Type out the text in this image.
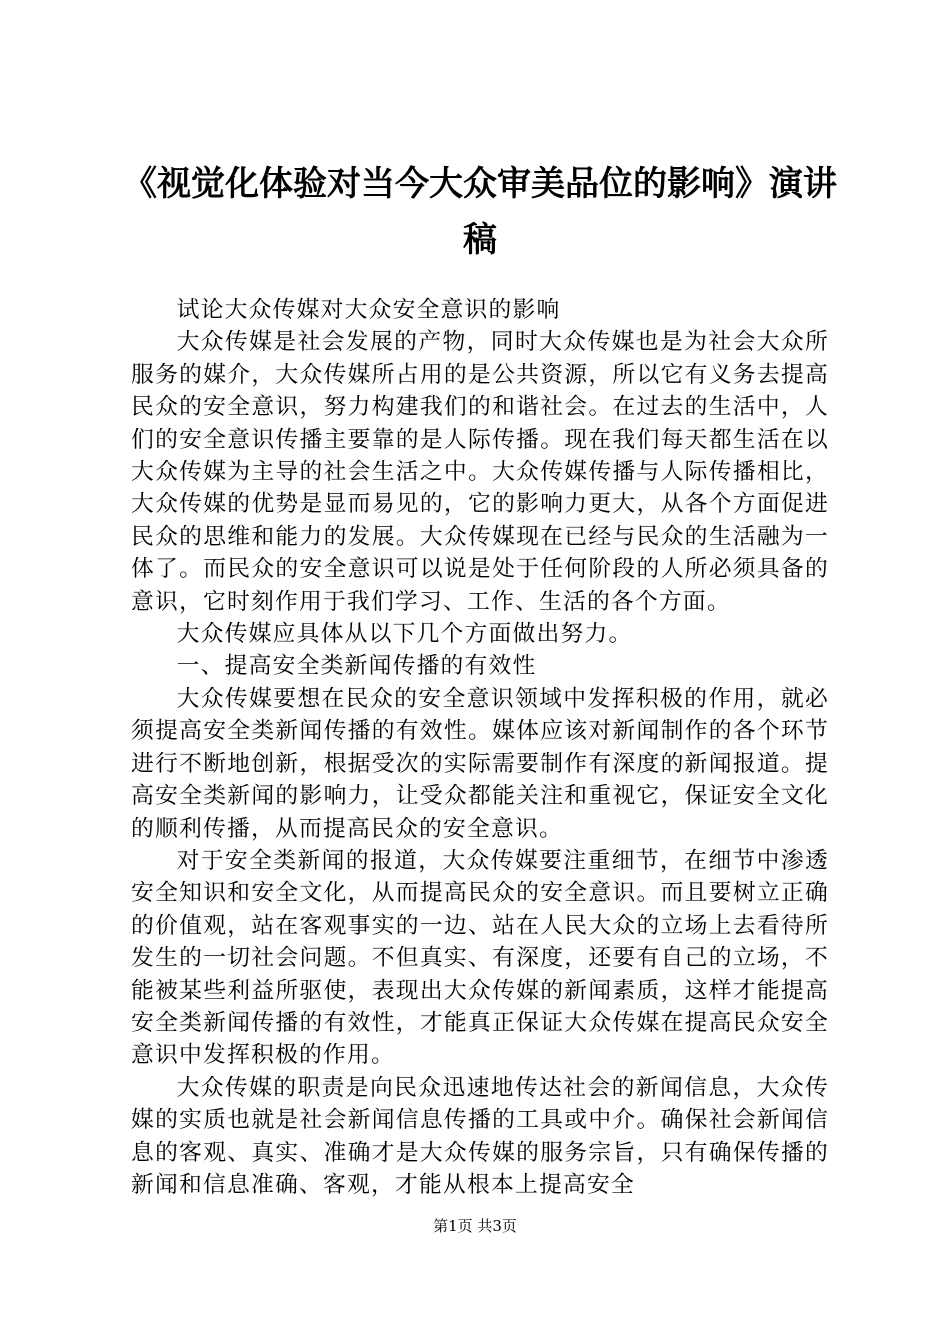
《视觉化体验对当今大众审美品位的影响》演讲稿

试论大众传媒对大众安全意识的影响

大众传媒是社会发展的产物，同时大众传媒也是为社会大众所服务的媒介，大众传媒所占用的是公共资源，所以它有义务去提高民众的安全意识，努力构建我们的和谐社会。在过去的生活中，人们的安全意识传播主要靠的是人际传播。现在我们每天都生活在以大众传媒为主导的社会生活之中。大众传媒传播与人际传播相比，大众传媒的优势是显而易见的，它的影响力更大，从各个方面促进民众的思维和能力的发展。大众传媒现在已经与民众的生活融为一体了。而民众的安全意识可以说是处于任何阶段的人所必须具备的意识，它时刻作用于我们学习、工作、生活的各个方面。

大众传媒应具体从以下几个方面做出努力。

一、提高安全类新闻传播的有效性

大众传媒要想在民众的安全意识领域中发挥积极的作用，就必须提高安全类新闻传播的有效性。媒体应该对新闻制作的各个环节进行不断地创新，根据受次的实际需要制作有深度的新闻报道。提高安全类新闻的影响力，让受众都能关注和重视它，保证安全文化的顺利传播，从而提高民众的安全意识。

对于安全类新闻的报道，大众传媒要注重细节，在细节中渗透安全知识和安全文化，从而提高民众的安全意识。而且要树立正确的价值观，站在客观事实的一边、站在人民大众的立场上去看待所发生的一切社会问题。不但真实、有深度，还要有自己的立场，不能被某些利益所驱使，表现出大众传媒的新闻素质，这样才能提高安全类新闻传播的有效性，才能真正保证大众传媒在提高民众安全意识中发挥积极的作用。

大众传媒的职责是向民众迅速地传达社会的新闻信息，大众传媒的实质也就是社会新闻信息传播的工具或中介。确保社会新闻信息的客观、真实、准确才是大众传媒的服务宗旨，只有确保传播的新闻和信息准确、客观，才能从根本上提高安全

第1页 共3页
